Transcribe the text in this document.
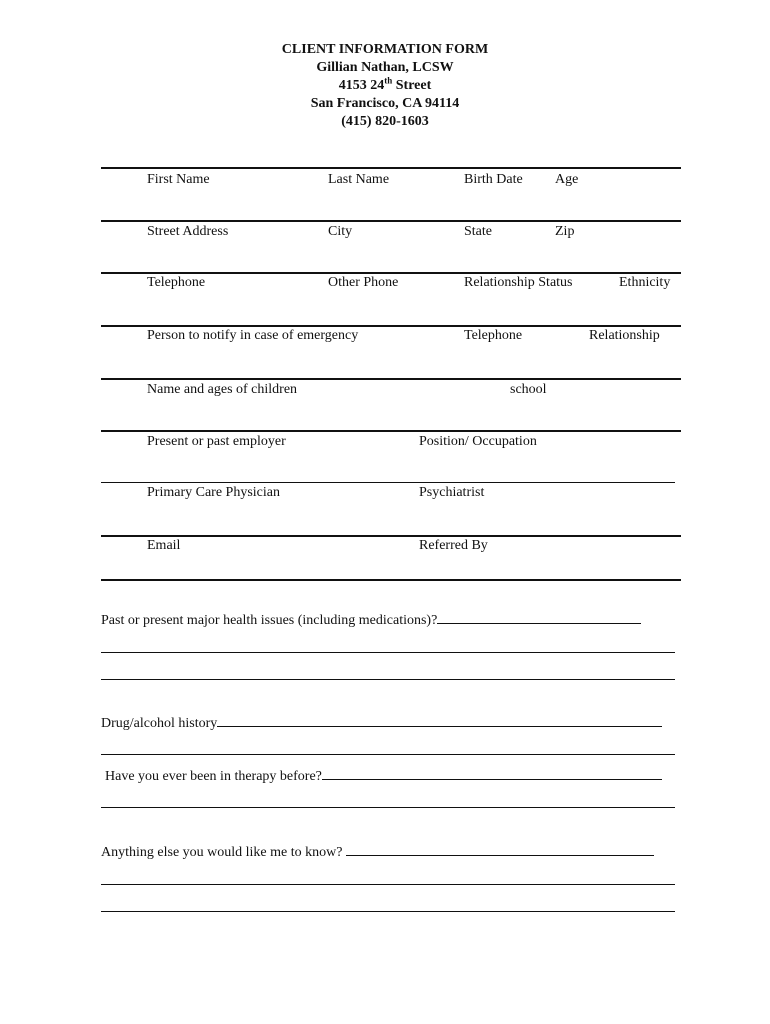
CLIENT INFORMATION FORM
Gillian Nathan, LCSW
4153 24th Street
San Francisco, CA 94114
(415) 820-1603
First Name	Last Name	Birth Date Age
Street Address	City	State	Zip
Telephone	Other Phone	Relationship Status	Ethnicity
Person to notify in case of emergency	Telephone	Relationship
Name and ages of children	school
Present or past employer	Position/ Occupation
Primary Care Physician	Psychiatrist
Email	Referred By
Past or present major health issues (including medications)?
Drug/alcohol history
Have you ever been in therapy before?
Anything else you would like me to know?
